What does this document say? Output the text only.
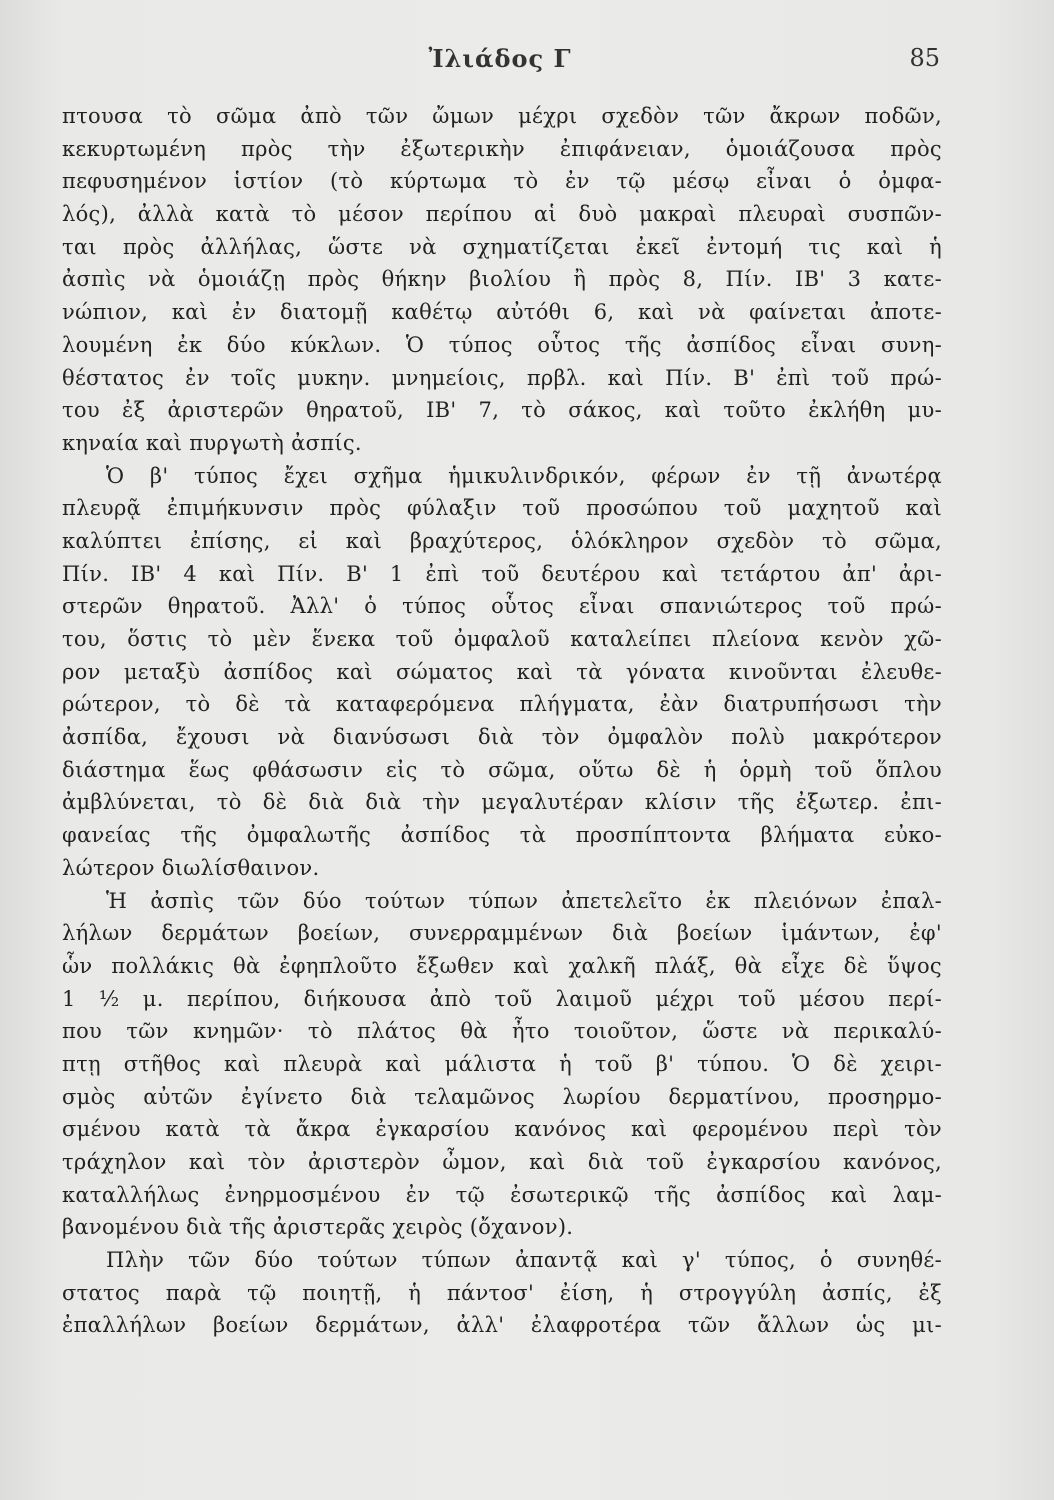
Ἰλιάδος Γ	85
πτουσα τὸ σῶμα ἀπὸ τῶν ὤμων μέχρι σχεδὸν τῶν ἄκρων ποδῶν,
κεκυρτωμένη πρὸς τὴν ἐξωτερικὴν ἐπιφάνειαν, ὁμοιάζουσα πρὸς
πεφυσημένον ἱστίον (τὸ κύρτωμα τὸ ἐν τῷ μέσῳ εἶναι ὁ ὀμφα-
λός), ἀλλὰ κατὰ τὸ μέσον περίπου αἱ δυὸ μακραὶ πλευραὶ συσπῶν-
ται πρὸς ἀλλήλας, ὥστε νὰ σχηματίζεται ἐκεῖ ἐντομή τις καὶ ἡ
ἀσπὶς νὰ ὁμοιάζῃ πρὸς θήκην βιολίου ἢ πρὸς 8, Πίν. ΙΒ' 3 κατε-
νώπιον, καὶ ἐν διατομῇ καθέτῳ αὐτόθι 6, καὶ νὰ φαίνεται ἀποτε-
λουμένη ἐκ δύο κύκλων. Ὁ τύπος οὗτος τῆς ἀσπίδος εἶναι συνη-
θέστατος ἐν τοῖς μυκην. μνημείοις, πρβλ. καὶ Πίν. Β' ἐπὶ τοῦ πρώ-
του ἐξ ἀριστερῶν θηρατοῦ, ΙΒ' 7, τὸ σάκος, καὶ τοῦτο ἐκλήθη μυ-
κηναία καὶ πυργωτὴ ἀσπίς.
Ὁ β' τύπος ἔχει σχῆμα ἡμικυλινδρικόν, φέρων ἐν τῇ ἀνωτέρᾳ
πλευρᾷ ἐπιμήκυνσιν πρὸς φύλαξιν τοῦ προσώπου τοῦ μαχητοῦ καὶ
καλύπτει ἐπίσης, εἰ καὶ βραχύτερος, ὁλόκληρον σχεδὸν τὸ σῶμα,
Πίν. ΙΒ' 4 καὶ Πίν. Β' 1 ἐπὶ τοῦ δευτέρου καὶ τετάρτου ἀπ' ἀρι-
στερῶν θηρατοῦ. Ἀλλ' ὁ τύπος οὗτος εἶναι σπανιώτερος τοῦ πρώ-
του, ὅστις τὸ μὲν ἕνεκα τοῦ ὀμφαλοῦ καταλείπει πλείονα κενὸν χῶ-
ρον μεταξὺ ἀσπίδος καὶ σώματος καὶ τὰ γόνατα κινοῦνται ἐλευθε-
ρώτερον, τὸ δὲ τὰ καταφερόμενα πλήγματα, ἐὰν διατρυπήσωσι τὴν
ἀσπίδα, ἔχουσι νὰ διανύσωσι διὰ τὸν ὀμφαλὸν πολὺ μακρότερον
διάστημα ἕως φθάσωσιν εἰς τὸ σῶμα, οὕτω δὲ ἡ ὁρμὴ τοῦ ὅπλου
ἀμβλύνεται, τὸ δὲ διὰ διὰ τὴν μεγαλυτέραν κλίσιν τῆς ἐξωτερ. ἐπι-
φανείας τῆς ὀμφαλωτῆς ἀσπίδος τὰ προσπίπτοντα βλήματα εὐκο-
λώτερον διωλίσθαινον.
Ἡ ἀσπὶς τῶν δύο τούτων τύπων ἀπετελεῖτο ἐκ πλειόνων ἐπαλ-
λήλων δερμάτων βοείων, συνερραμμένων διὰ βοείων ἱμάντων, ἐφ'
ὧν πολλάκις θὰ ἐφηπλοῦτο ἔξωθεν καὶ χαλκῆ πλάξ, θὰ εἶχε δὲ ὕψος
1 ½ μ. περίπου, διήκουσα ἀπὸ τοῦ λαιμοῦ μέχρι τοῦ μέσου περί-
που τῶν κνημῶν· τὸ πλάτος θὰ ἦτο τοιοῦτον, ὥστε νὰ περικαλύ-
πτῃ στῆθος καὶ πλευρὰ καὶ μάλιστα ἡ τοῦ β' τύπου. Ὁ δὲ χειρι-
σμὸς αὐτῶν ἐγίνετο διὰ τελαμῶνος λωρίου δερματίνου, προσηρμο-
σμένου κατὰ τὰ ἄκρα ἐγκαρσίου κανόνος καὶ φερομένου περὶ τὸν
τράχηλον καὶ τὸν ἀριστερὸν ὦμον, καὶ διὰ τοῦ ἐγκαρσίου κανόνος,
καταλλήλως ἐνηρμοσμένου ἐν τῷ ἐσωτερικῷ τῆς ἀσπίδος καὶ λαμ-
βανομένου διὰ τῆς ἀριστερᾶς χειρὸς (ὄχανον).
Πλὴν τῶν δύο τούτων τύπων ἀπαντᾷ καὶ γ' τύπος, ὁ συνηθέ-
στατος παρὰ τῷ ποιητῇ, ἡ πάντοσ' ἐίση, ἡ στρογγύλη ἀσπίς, ἐξ
ἐπαλλήλων βοείων δερμάτων, ἀλλ' ἐλαφροτέρα τῶν ἄλλων ὡς μι-
